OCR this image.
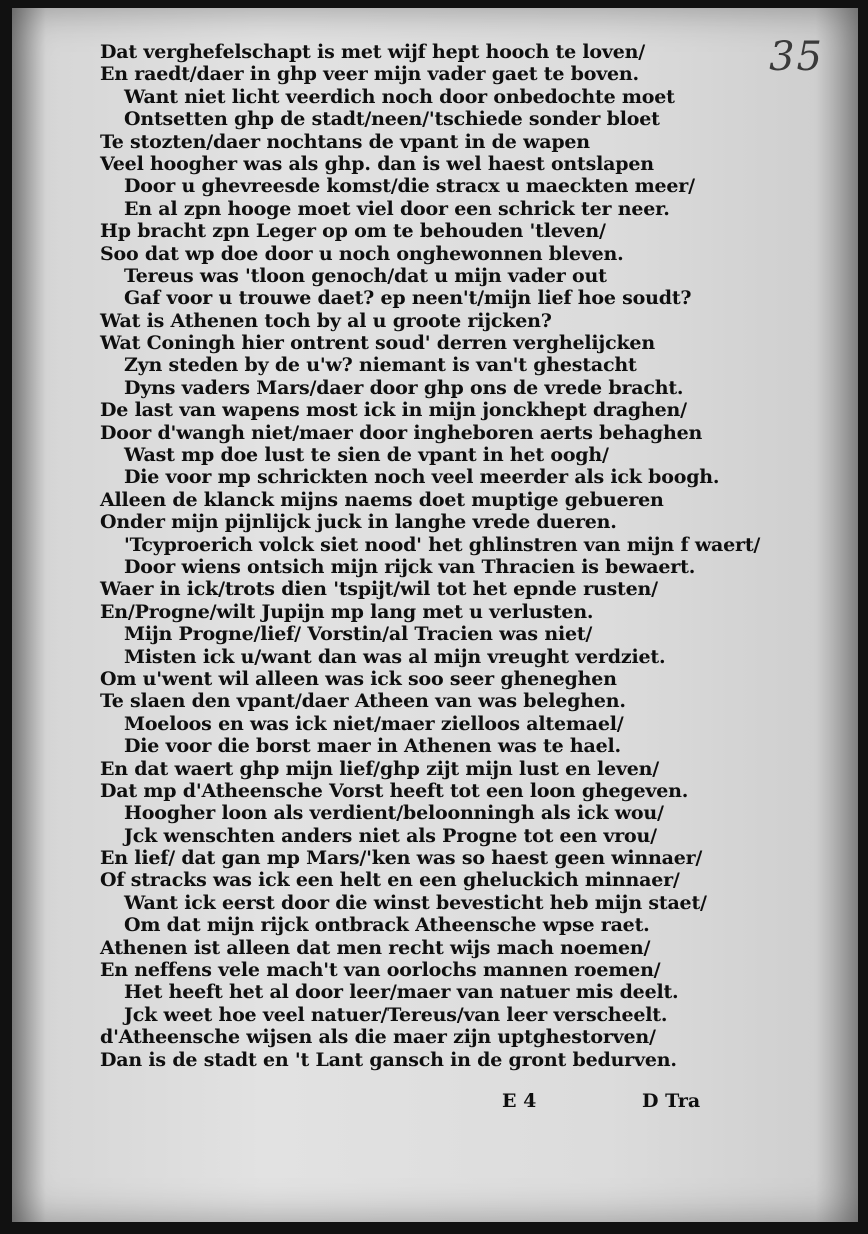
35
Dat verghefelschapt is met wijf hept hooch te loven/
En raedt/daer in ghp veer mijn vader gaet te boven.
Want niet licht veerdich noch door onbedochte moet
Ontsetten ghp de stadt/neen/'tschiede sonder bloet
Te stozten/daer nochtans de vpant in de wapen
Veel hoogher was als ghp. dan is wel haest ontslapen
Door u ghevreesde komst/die stracx u maeckten meer/
En al zpn hooge moet viel door een schrick ter neer.
Hp bracht zpn Leger op om te behouden 'tleven/
Soo dat wp doe door u noch onghewonnen bleven.
Tereus was 'tloon genoch/dat u mijn vader out
Gaf voor u trouwe daet? ep neen't/mijn lief hoe soudt?
Wat is Athenen toch by al u groote rijcken?
Wat Coningh hier ontrent soud' derren verghelijcken
Zyn steden by de u'w? niemant is van't ghestacht
Dyns vaders Mars/daer door ghp ons de vrede bracht.
De last van wapens most ick in mijn jonckhept draghen/
Door d'wangh niet/maer door ingheboren aerts behaghen
Wast mp doe lust te sien de vpant in het oogh/
Die voor mp schrickten noch veel meerder als ick boogh.
Alleen de klanck mijns naems doet muptige gebueren
Onder mijn pijnlijck juck in langhe vrede dueren.
'Tcyproerich volck siet nood' het ghlinstren van mijn f waert/
Door wiens ontsich mijn rijck van Thracien is bewaert.
Waer in ick/trots dien 'tspijt/wil tot het epnde rusten/
En/Progne/wilt Jupijn mp lang met u verlusten.
Mijn Progne/lief/ Vorstin/al Tracien was niet/
Misten ick u/want dan was al mijn vreught verdziet.
Om u'went wil alleen was ick soo seer gheneghen
Te slaen den vpant/daer Atheen van was beleghen.
Moeloos en was ick niet/maer zielloos altemael/
Die voor die borst maer in Athenen was te hael.
En dat waert ghp mijn lief/ghp zijt mijn lust en leven/
Dat mp d'Atheensche Vorst heeft tot een loon ghegeven.
Hoogher loon als verdient/beloonningh als ick wou/
Jck wenschten anders niet als Progne tot een vrou/
En lief/ dat gan mp Mars/'ken was so haest geen winnaer/
Of stracks was ick een helt en een gheluckich minnaer/
Want ick eerst door die winst bevesticht heb mijn staet/
Om dat mijn rijck ontbrack Atheensche wpse raet.
Athenen ist alleen dat men recht wijs mach noemen/
En neffens vele mach't van oorlochs mannen roemen/
Het heeft het al door leer/maer van natuer mis deelt.
Jck weet hoe veel natuer/Tereus/van leer verscheelt.
d'Atheensche wijsen als die maer zijn uptghestorven/
Dan is de stadt en 't Lant gansch in de gront bedurven.
E 4	D Tra
